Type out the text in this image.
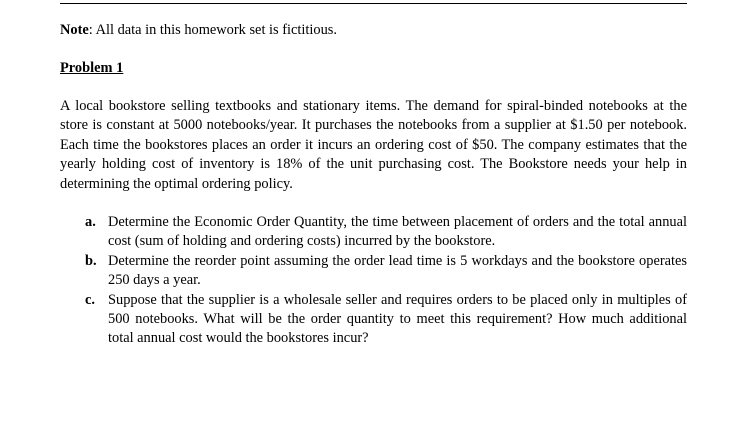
Note: All data in this homework set is fictitious.
Problem 1

A local bookstore selling textbooks and stationary items. The demand for spiral-binded notebooks at the
store is constant at 5000 notebooks/year. It purchases the notebooks from a supplier at $1.50 per notebook.
Each time the bookstores places an order it incurs an ordering cost of $50. The company estimates that the
yearly holding cost of inventory is 18% of the unit purchasing cost. The Bookstore needs your help in
determining the optimal ordering policy.

a. Determine the Economic Order Quantity, the time between placement of orders and the total annual
cost (sum of holding and ordering costs) incurred by the bookstore.
b. Determine the reorder point assuming the order lead time is 5 workdays and the bookstore operates
250 days a year.
c. Suppose that the supplier is a wholesale seller and requires orders to be placed only in multiples of
500 notebooks. What will be the order quantity to meet this requirement? How much additional
total annual cost would the bookstores incur?
